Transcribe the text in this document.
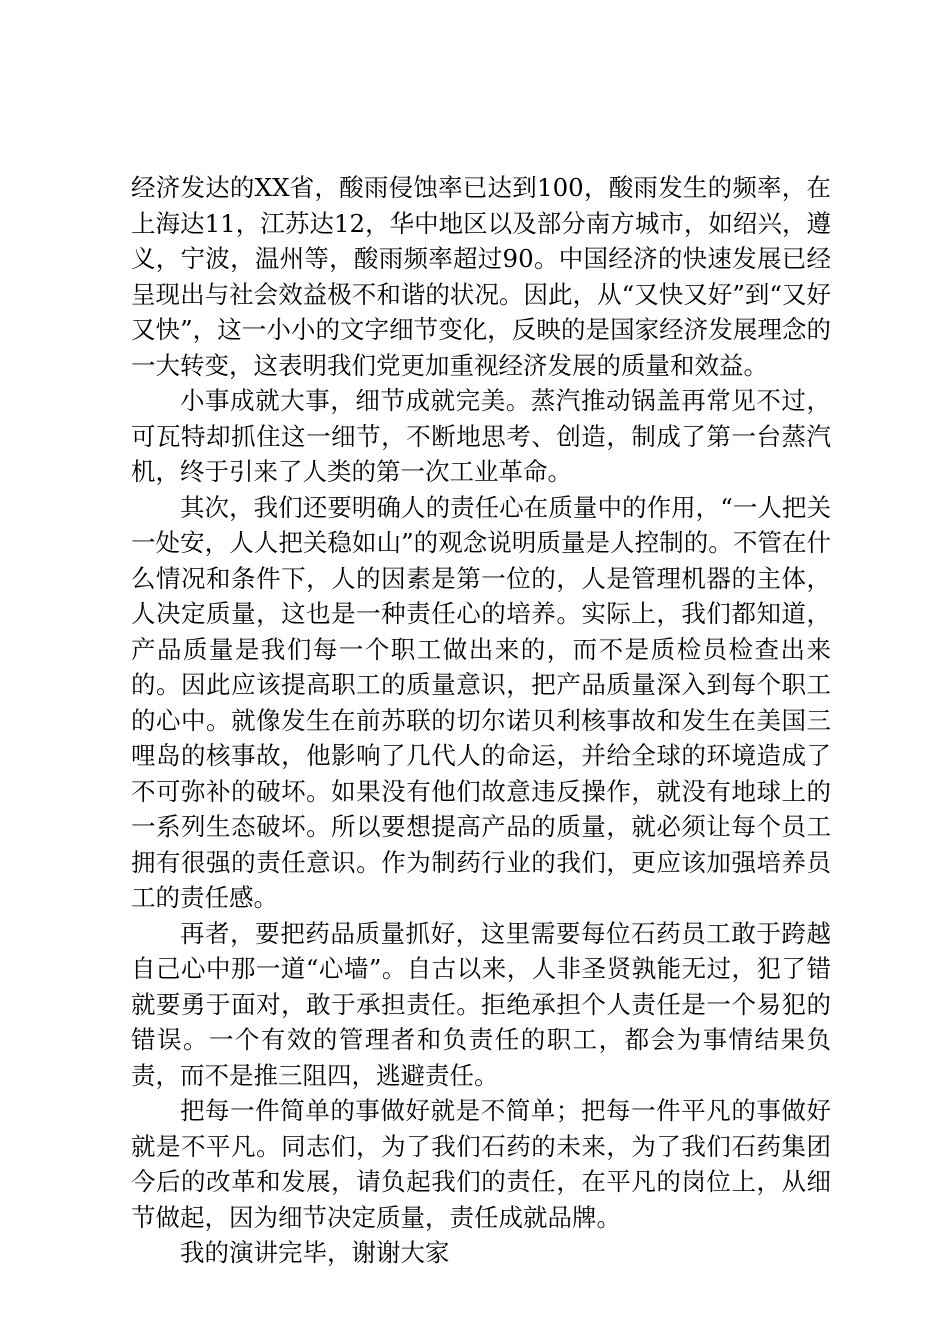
经济发达的XX省，酸雨侵蚀率已达到100，酸雨发生的频率，在上海达11，江苏达12，华中地区以及部分南方城市，如绍兴，遵义，宁波，温州等，酸雨频率超过90。中国经济的快速发展已经呈现出与社会效益极不和谐的状况。因此，从“又快又好”到“又好又快”，这一小小的文字细节变化，反映的是国家经济发展理念的一大转变，这表明我们党更加重视经济发展的质量和效益。

小事成就大事，细节成就完美。蒸汽推动锅盖再常见不过，可瓦特却抓住这一细节，不断地思考、创造，制成了第一台蒸汽机，终于引来了人类的第一次工业革命。

其次，我们还要明确人的责任心在质量中的作用，“一人把关一处安，人人把关稳如山”的观念说明质量是人控制的。不管在什么情况和条件下，人的因素是第一位的，人是管理机器的主体，人决定质量，这也是一种责任心的培养。实际上，我们都知道，产品质量是我们每一个职工做出来的，而不是质检员检查出来的。因此应该提高职工的质量意识，把产品质量深入到每个职工的心中。就像发生在前苏联的切尔诺贝利核事故和发生在美国三哩岛的核事故，他影响了几代人的命运，并给全球的环境造成了不可弥补的破坏。如果没有他们故意违反操作，就没有地球上的一系列生态破坏。所以要想提高产品的质量，就必须让每个员工拥有很强的责任意识。作为制药行业的我们，更应该加强培养员工的责任感。

再者，要把药品质量抓好，这里需要每位石药员工敢于跨越自己心中那一道“心墙”。自古以来，人非圣贤孰能无过，犯了错就要勇于面对，敢于承担责任。拒绝承担个人责任是一个易犯的错误。一个有效的管理者和负责任的职工，都会为事情结果负责，而不是推三阻四，逃避责任。

把每一件简单的事做好就是不简单；把每一件平凡的事做好就是不平凡。同志们，为了我们石药的未来，为了我们石药集团今后的改革和发展，请负起我们的责任，在平凡的岗位上，从细节做起，因为细节决定质量，责任成就品牌。

我的演讲完毕，谢谢大家
